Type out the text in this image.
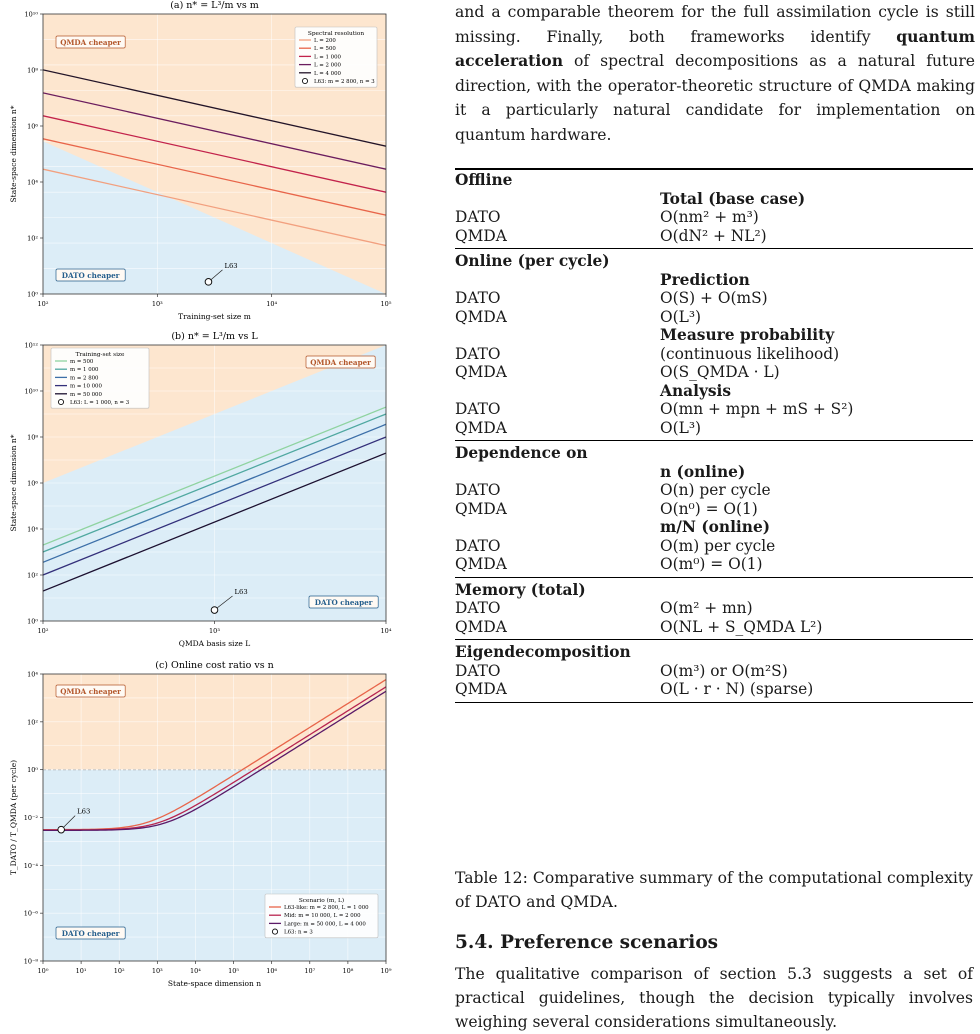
(a) n* = L³/m vs m
10²	10³	10⁴	10⁵
10⁰
10²
10⁴
10⁶
10⁸
10¹⁰
Training-set size m
State-space dimension n*
QMDA cheaper
DATO cheaper
L63
Spectral resolution
L = 200
L = 500
L = 1 000
L = 2 000
L = 4 000
L63: m = 2 800, n = 3
(b) n* = L³/m vs L
10²	10³	10⁴
10⁰
10²
10⁴
10⁶
10⁸
10¹⁰
10¹²
QMDA basis size L
State-space dimension n*
QMDA cheaper
DATO cheaper
L63
Training-set size
m = 500
m = 1 000
m = 2 800
m = 10 000
m = 50 000
L63: L = 1 000, n = 3
(c) Online cost ratio vs n
10⁰	10¹	10²	10³	10⁴	10⁵	10⁶	10⁷	10⁸	10⁹
10⁻⁸
10⁻⁶
10⁻⁴
10⁻²
10⁰
10²
10⁴
State-space dimension n
T_DATO / T_QMDA (per cycle)
QMDA cheaper
DATO cheaper
L63
Scenario (m, L)
L63-like: m = 2 800, L = 1 000
Mid: m = 10 000, L = 2 000
Large: m = 50 000, L = 4 000
L63: n = 3

and a comparable theorem for the full assimilation cycle is still missing. Finally, both frameworks identify quantum acceleration of spectral decompositions as a natural future direction, with the operator-theoretic structure of QMDA making it a particularly natural candidate for implementation on quantum hardware.

Offline	
	Total (base case)
DATO	O(nm² + m³)
QMDA	O(dN² + NL²)

Online (per cycle)	
	Prediction
DATO	O(S) + O(mS)
QMDA	O(L³)
	Measure probability
DATO	(continuous likelihood)
QMDA	O(S_QMDA · L)
	Analysis
DATO	O(mn + mpn + mS + S²)
QMDA	O(L³)

Dependence on	
	n (online)
DATO	O(n) per cycle
QMDA	O(n⁰) = O(1)
	m/N (online)
DATO	O(m) per cycle
QMDA	O(m⁰) = O(1)

Memory (total)	
DATO	O(m² + mn)
QMDA	O(NL + S_QMDA L²)

Eigendecomposition	
DATO	O(m³) or O(m²S)
QMDA	O(L · r · N) (sparse)

Table 12: Comparative summary of the computational complexity of DATO and QMDA.

5.4. Preference scenarios

The qualitative comparison of section 5.3 suggests a set of practical guidelines, though the decision typically involves weighing several considerations simultaneously.
